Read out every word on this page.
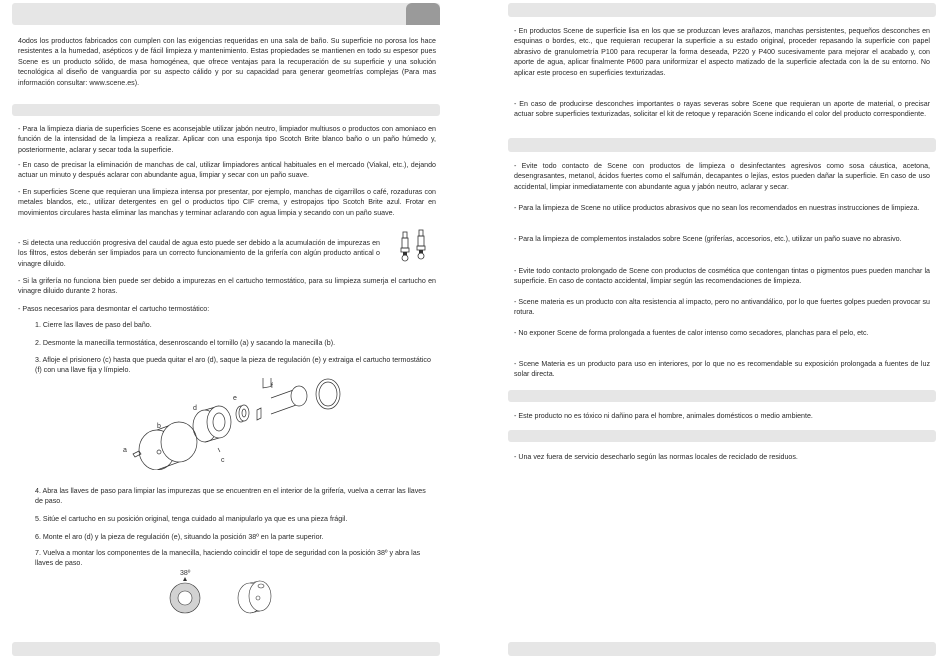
4odos los productos fabricados con cumplen con las exigencias requeridas en una sala de baño. Su superficie no porosa los hace resistentes a la humedad, asépticos y de fácil limpieza y mantenimiento. Estas propiedades se mantienen en todo su espesor pues Scene es un producto sólido, de masa homogénea, que ofrece ventajas para la recuperación de su superficie y una solución tecnológica al diseño de vanguardia por su aspecto cálido y por su capacidad para generar geometrías complejas (Para mas información consultar: www.scene.es).

- Para la limpieza diaria de superficies Scene es aconsejable utilizar jabón neutro, limpiador multiusos o productos con amoniaco en función de la intensidad de la limpieza a realizar. Aplicar con una esponja tipo Scotch Brite blanco baño o un paño húmedo y, posteriormente, aclarar y secar toda la superficie.

- En caso de precisar la eliminación de manchas de cal, utilizar limpiadores antical habituales en el mercado (Viakal, etc.), dejando actuar un minuto y después aclarar con abundante agua, limpiar y secar con un paño suave.

- En superficies Scene que requieran una limpieza intensa por presentar, por ejemplo, manchas de cigarrillos o café, rozaduras con metales blandos, etc., utilizar detergentes en gel o productos tipo CIF crema, y estropajos tipo Scotch Brite azul. Frotar en movimientos circulares hasta eliminar las manchas y terminar aclarando con agua limpia y secando con un paño suave.

- Si detecta una reducción progresiva del caudal de agua esto puede ser debido a la acumulación de impurezas en los filtros, estos deberán ser limpiados para un correcto funcionamiento de la grifería con algún producto antical o vinagre diluido.

- Si la grifería no funciona bien puede ser debido a impurezas en el cartucho termostático, para su limpieza sumerja el cartucho en vinagre diluido durante 2 horas.

- Pasos necesarios para desmontar el cartucho termostático:

1. Cierre las llaves de paso del baño.

2. Desmonte la manecilla termostática, desenroscando el tornillo (a) y sacando la manecilla (b).

3. Afloje el prisionero (c) hasta que pueda quitar el aro (d), saque la pieza de regulación (e) y extraiga el cartucho termostático (f) con una llave fija y límpielo.

a
b
c
d
e
f

4. Abra las llaves de paso para limpiar las impurezas que se encuentren en el interior de la grifería, vuelva a cerrar las llaves de paso.

5. Sitúe el cartucho en su posición original, tenga cuidado al manipularlo ya que es una pieza frágil.

6. Monte el aro (d) y la pieza de regulación (e), situando la posición 38º en la parte superior.

7. Vuelva a montar los componentes de la manecilla, haciendo coincidir el tope de seguridad con la posición 38º y abra las llaves de paso.

38º

- En productos Scene de superficie lisa en los que se produzcan leves arañazos, manchas persistentes, pequeños desconches en esquinas o bordes, etc., que requieran recuperar la superficie a su estado original, proceder repasando la superficie con papel abrasivo de granulometría P100 para recuperar la forma deseada, P220 y P400 sucesivamente para mejorar el acabado y, con aporte de agua, aplicar finalmente P600 para uniformizar el aspecto matizado de la superficie afectada con la de su entorno. No aplicar este proceso en superficies texturizadas.

- En caso de producirse desconches importantes o rayas severas sobre Scene que requieran un aporte de material, o precisar actuar sobre superficies texturizadas, solicitar el kit de retoque y reparación Scene indicando el color del producto correspondiente.

- Evite todo contacto de Scene con productos de limpieza o desinfectantes agresivos como sosa cáustica, acetona, desengrasantes, metanol, ácidos fuertes como el salfumán, decapantes o lejías, estos pueden dañar la superficie. En caso de uso accidental, limpiar inmediatamente con abundante agua y jabón neutro, aclarar y secar.

- Para la limpieza de Scene no utilice productos abrasivos que no sean los recomendados en nuestras instrucciones de limpieza.

- Para la limpieza de complementos instalados sobre Scene (griferías, accesorios, etc.), utilizar un paño suave no abrasivo.

- Evite todo contacto prolongado de Scene con productos de cosmética que contengan tintas o pigmentos pues pueden manchar la superficie. En caso de contacto accidental, limpiar según las recomendaciones de limpieza.

- Scene materia es un producto con alta resistencia al impacto, pero no antivandálico, por lo que fuertes golpes pueden provocar su rotura.

- No exponer Scene de forma prolongada a fuentes de calor intenso como secadores, planchas para el pelo, etc.

- Scene Materia es un producto para uso en interiores, por lo que no es recomendable su exposición prolongada a fuentes de luz solar directa.

- Este producto no es tóxico ni dañino para el hombre, animales domésticos o medio ambiente.

- Una vez fuera de servicio desecharlo según las normas locales de reciclado de residuos.
